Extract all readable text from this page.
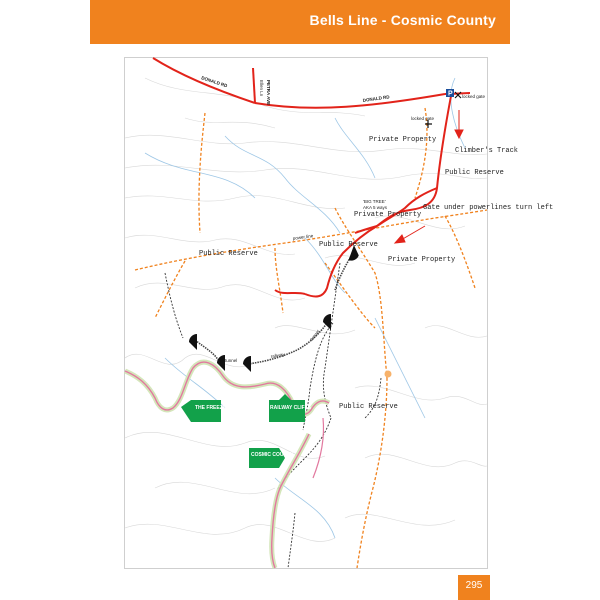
Bells Line - Cosmic County
P
DONALD RD	PETRA AVE	DONALD RD
Ellen Ln
locked gate
locked gate
Private Property
Climber's Track
Public Reserve
'BIG TREE'
AKA 5 ways
Private Property
Gate under powerlines turn left
power line
Public Reserve
Public Reserve
Private Property
tunnel
railway
tunnel
Public Reserve
THE FREEZER	RAILWAY CLIFFS
COSMIC COUNTY
295
